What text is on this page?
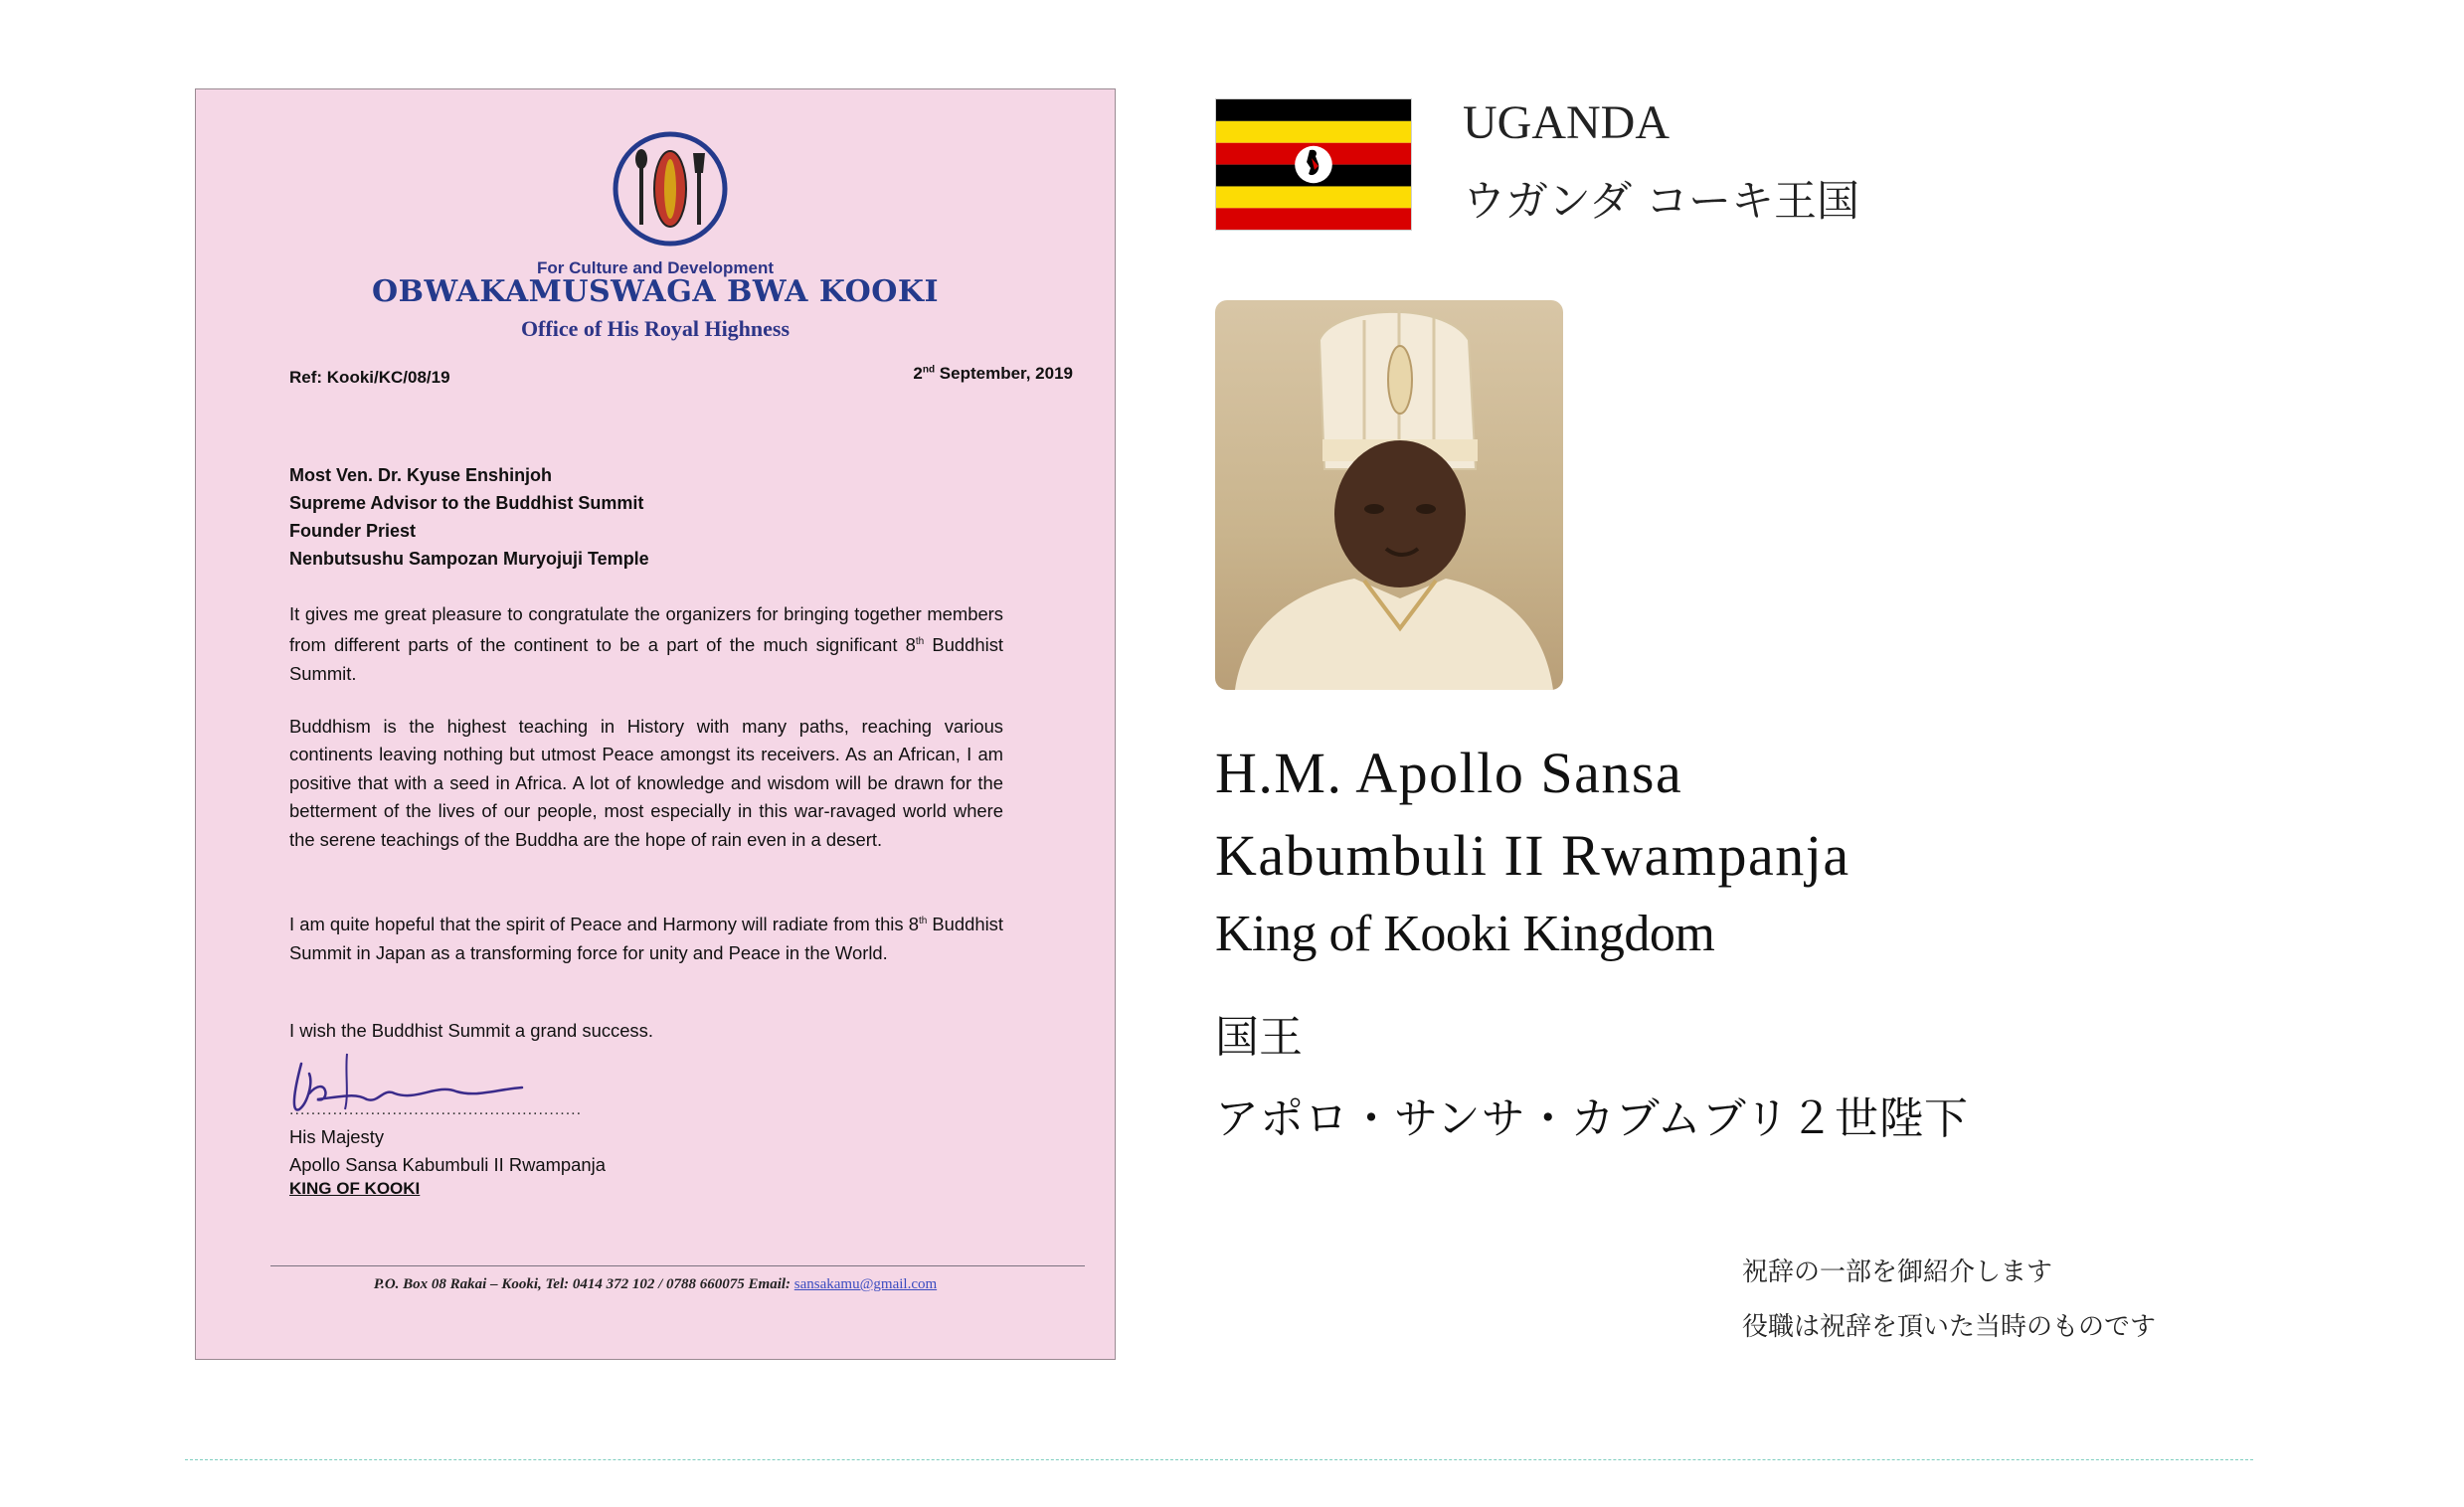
For Culture and Development
OBWAKAMUSWAGA BWA KOOKI
Office of His Royal Highness
Ref: Kooki/KC/08/19	2nd September, 2019
Most Ven. Dr. Kyuse Enshinjoh
Supreme Advisor to the Buddhist Summit
Founder Priest
Nenbutsushu Sampozan Muryojuji Temple
It gives me great pleasure to congratulate the organizers for bringing together members from different parts of the continent to be a part of the much significant 8th Buddhist Summit.
Buddhism is the highest teaching in History with many paths, reaching various continents leaving nothing but utmost Peace amongst its receivers. As an African, I am positive that with a seed in Africa. A lot of knowledge and wisdom will be drawn for the betterment of the lives of our people, most especially in this war-ravaged world where the serene teachings of the Buddha are the hope of rain even in a desert.
I am quite hopeful that the spirit of Peace and Harmony will radiate from this 8th Buddhist Summit in Japan as a transforming force for unity and Peace in the World.
I wish the Buddhist Summit a grand success.
......................................................
His Majesty
Apollo Sansa Kabumbuli II Rwampanja
KING OF KOOKI
P.O. Box 08 Rakai – Kooki, Tel: 0414 372 102 / 0788 660075 Email: sansakamu@gmail.com
UGANDA
ウガンダ コーキ王国
H.M. Apollo Sansa
Kabumbuli II Rwampanja
King of Kooki Kingdom
国王
アポロ・サンサ・カブムブリ２世陛下
祝辞の一部を御紹介します
役職は祝辞を頂いた当時のものです
